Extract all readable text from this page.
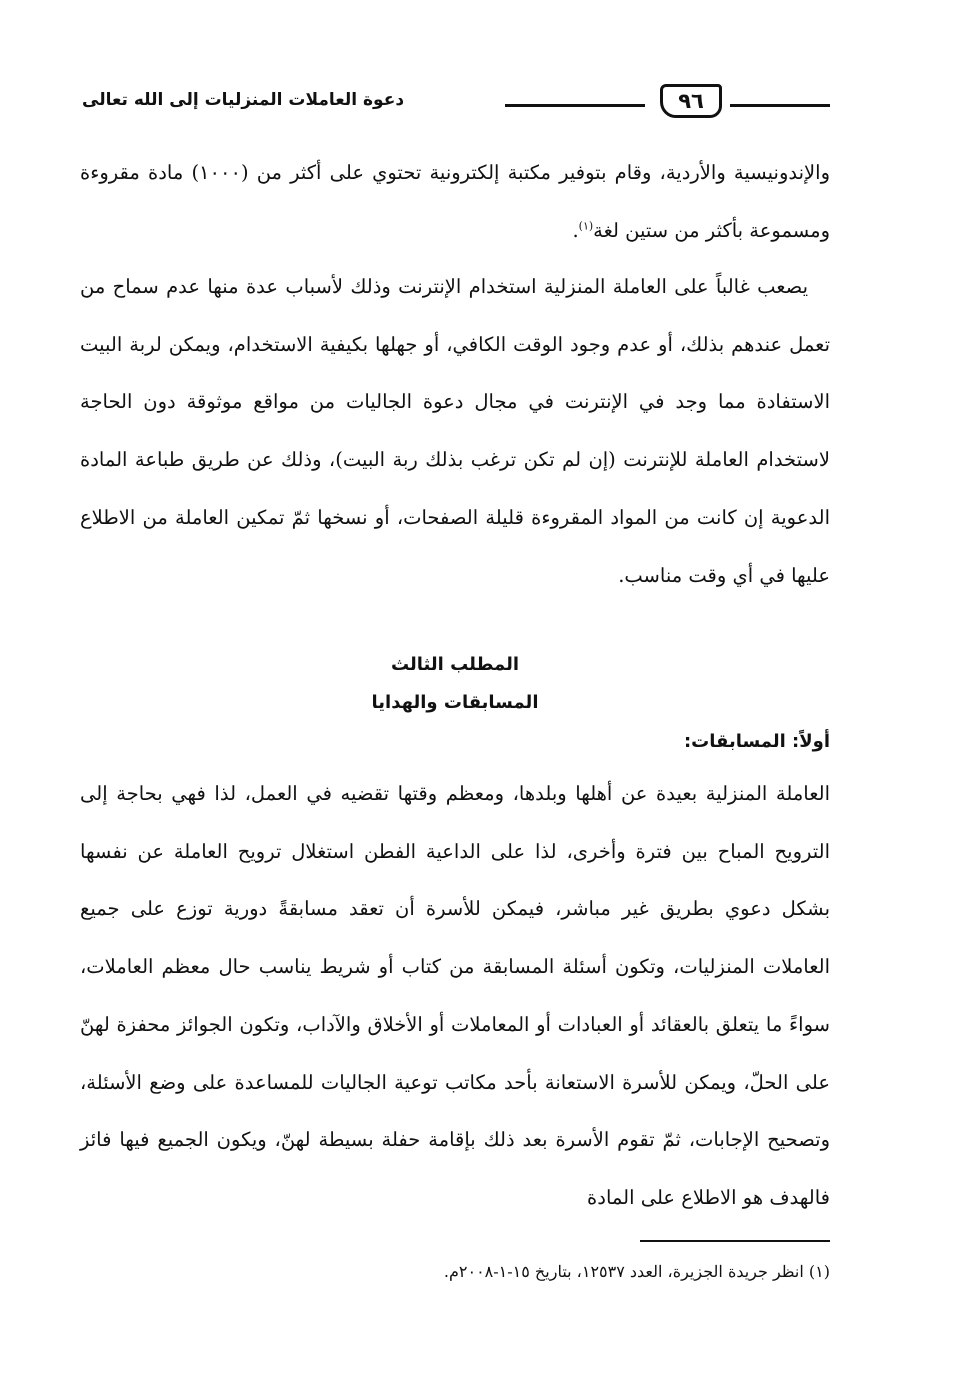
٩٦
دعوة العاملات المنزليات إلى الله تعالى

والإندونيسية والأردية، وقام بتوفير مكتبة إلكترونية تحتوي على أكثر من (١٠٠٠) مادة مقروءة ومسموعة بأكثر من ستين لغة$^{(١)}$.

يصعب غالباً على العاملة المنزلية استخدام الإنترنت وذلك لأسباب عدة منها عدم سماح من تعمل عندهم بذلك، أو عدم وجود الوقت الكافي، أو جهلها بكيفية الاستخدام، ويمكن لربة البيت الاستفادة مما وجد في الإنترنت في مجال دعوة الجاليات من مواقع موثوقة دون الحاجة لاستخدام العاملة للإنترنت (إن لم تكن ترغب بذلك ربة البيت)، وذلك عن طريق طباعة المادة الدعوية إن كانت من المواد المقروءة قليلة الصفحات، أو نسخها ثمّ تمكين العاملة من الاطلاع عليها في أي وقت مناسب.

المطلب الثالث
المسابقات والهدايا
أولاً: المسابقات:

العاملة المنزلية بعيدة عن أهلها وبلدها، ومعظم وقتها تقضيه في العمل، لذا فهي بحاجة إلى الترويح المباح بين فترة وأخرى، لذا على الداعية الفطن استغلال ترويح العاملة عن نفسها بشكل دعوي بطريق غير مباشر، فيمكن للأسرة أن تعقد مسابقةً دورية توزع على جميع العاملات المنزليات، وتكون أسئلة المسابقة من كتاب أو شريط يناسب حال معظم العاملات، سواءً ما يتعلق بالعقائد أو العبادات أو المعاملات أو الأخلاق والآداب، وتكون الجوائز محفزة لهنّ على الحلّ، ويمكن للأسرة الاستعانة بأحد مكاتب توعية الجاليات للمساعدة على وضع الأسئلة، وتصحيح الإجابات، ثمّ تقوم الأسرة بعد ذلك بإقامة حفلة بسيطة لهنّ، ويكون الجميع فيها فائز فالهدف هو الاطلاع على المادة

(١) انظر جريدة الجزيرة، العدد ١٢٥٣٧، بتاريخ ١٥-١-٢٠٠٨م.
